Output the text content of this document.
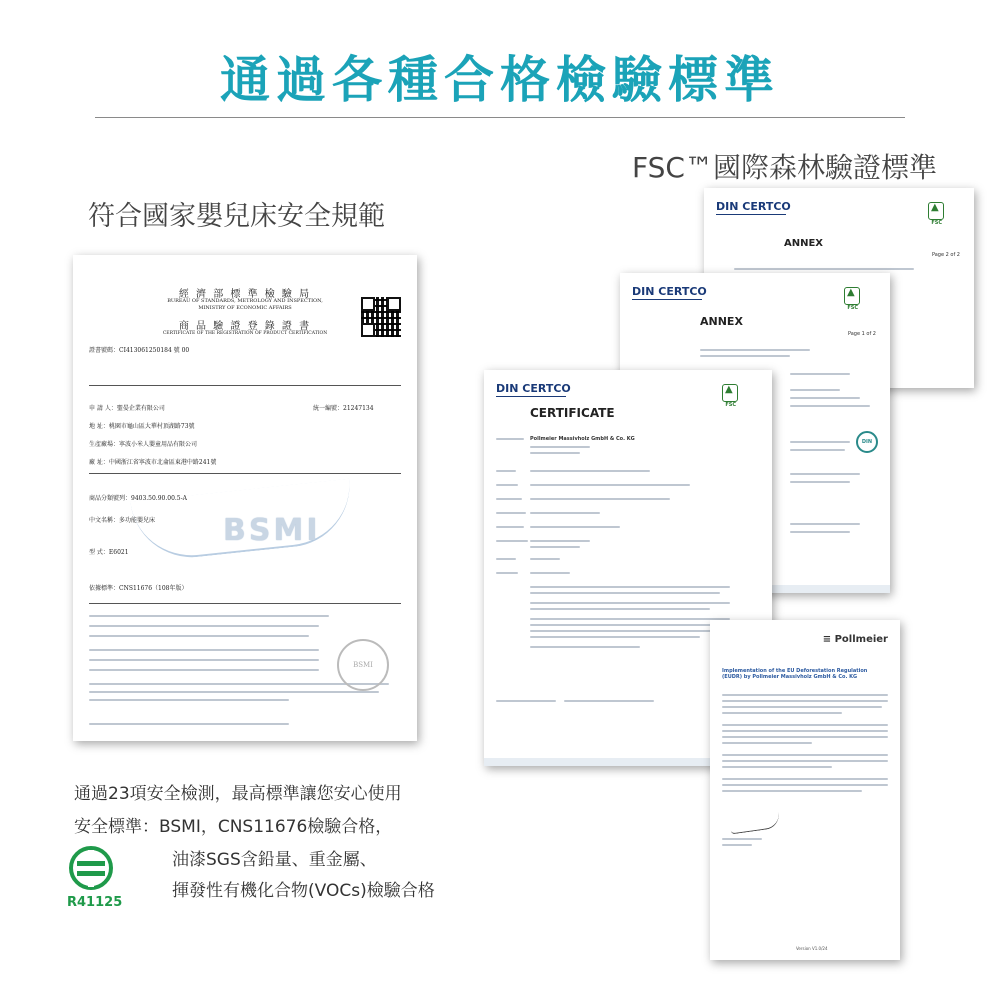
通過各種合格檢驗標準
FSC™國際森林驗證標準
符合國家嬰兒床安全規範
經 濟 部 標 準 檢 驗 局
BUREAU OF STANDARDS, METROLOGY AND INSPECTION,
MINISTRY OF ECONOMIC AFFAIRS
商 品 驗 證 登 錄 證 書
CERTIFICATE OF THE REGISTRATION OF PRODUCT CERTIFICATION
證書號碼：CI413061250184 號 00
申 請 人：聖晏企業有限公司	統一編號：21247134
地 址：桃園市龜山區大華村頂湖路73號
生產廠場：寧波小米人嬰童用品有限公司
廠 址：中國浙江省寧波市北侖區東港中路241號
商品分類號列：9403.50.90.00.5-A
中文名稱：多功能嬰兒床
型 式：E6021
依據標準：CNS11676（108年版）
BSMI
BSMI
DIN CERTCO
▲
FSC
ANNEX
Page 2 of 2
DIN CERTCO
▲
FSC
ANNEX
Page 1 of 2
DIN
DIN CERTCO
▲
FSC
CERTIFICATE
Pollmeier Massivholz GmbH & Co. KG
≡ Pollmeier
Implementation of the EU Deforestation Regulation (EUDR) by Pollmeier Massivholz GmbH & Co. KG
Version V1.0/24
通過23項安全檢測，最高標準讓您安心使用
安全標準：BSMI，CNS11676檢驗合格，
油漆SGS含鉛量、重金屬、
揮發性有機化合物(VOCs)檢驗合格
R41125
